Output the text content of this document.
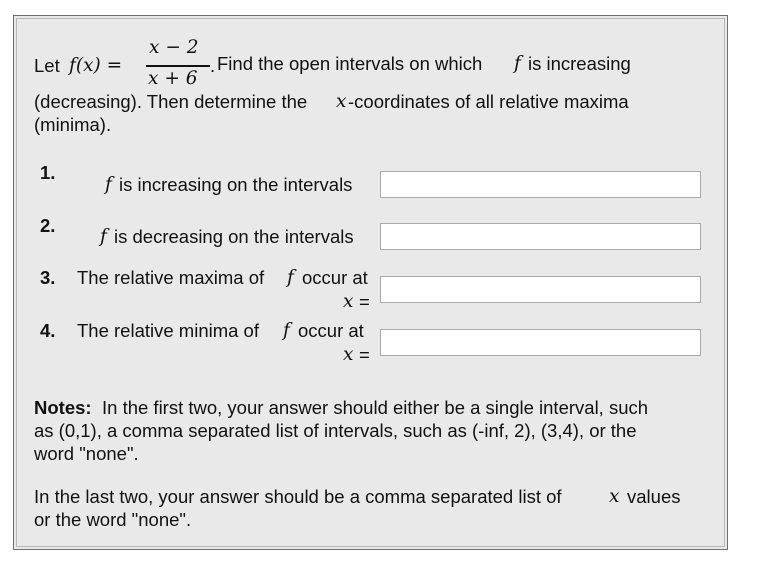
Let f(x) =
x − 2
x + 6
. Find the open intervals on which f is increasing
(decreasing). Then determine the x -coordinates of all relative maxima
(minima).
1.
f is increasing on the intervals
2.
f is decreasing on the intervals
3. The relative maxima of f occur at
x =
4. The relative minima of f occur at
x =
Notes: In the first two, your answer should either be a single interval, such
as (0,1), a comma separated list of intervals, such as (-inf, 2), (3,4), or the
word "none".
In the last two, your answer should be a comma separated list of	x values
or the word "none".
